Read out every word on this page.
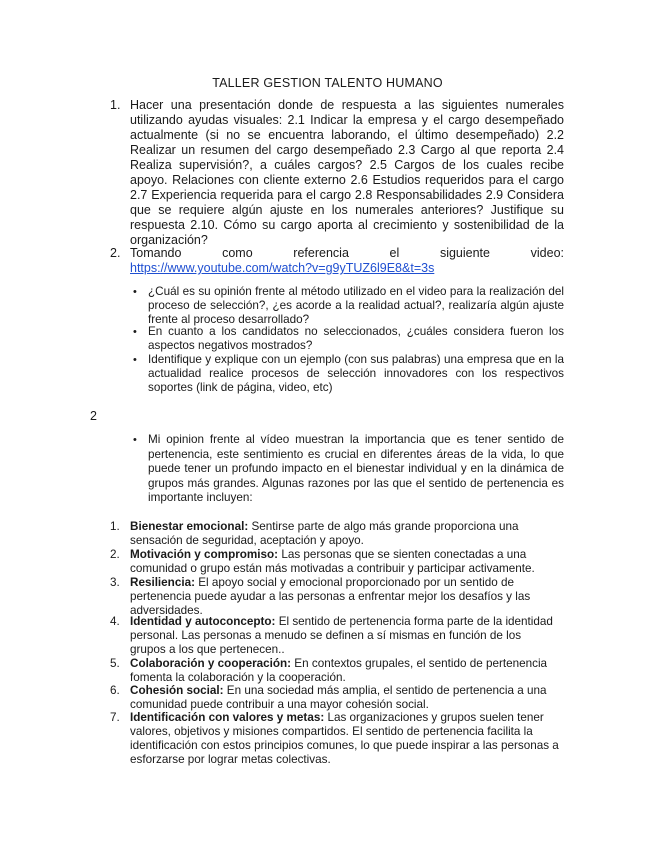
TALLER GESTION TALENTO HUMANO
1. Hacer una presentación donde de respuesta a las siguientes numerales utilizando ayudas visuales: 2.1 Indicar la empresa y el cargo desempeñado actualmente (si no se encuentra laborando, el último desempeñado) 2.2 Realizar un resumen del cargo desempeñado 2.3 Cargo al que reporta 2.4 Realiza supervisión?, a cuáles cargos? 2.5 Cargos de los cuales recibe apoyo. Relaciones con cliente externo 2.6 Estudios requeridos para el cargo 2.7 Experiencia requerida para el cargo 2.8 Responsabilidades 2.9 Considera que se requiere algún ajuste en los numerales anteriores? Justifique su respuesta 2.10. Cómo su cargo aporta al crecimiento y sostenibilidad de la organización?
2. Tomando como referencia el siguiente video:
https://www.youtube.com/watch?v=g9yTUZ6l9E8&t=3s
• ¿Cuál es su opinión frente al método utilizado en el video para la realización del proceso de selección?, ¿es acorde a la realidad actual?, realizaría algún ajuste frente al proceso desarrollado?
• En cuanto a los candidatos no seleccionados, ¿cuáles considera fueron los aspectos negativos mostrados?
• Identifique y explique con un ejemplo (con sus palabras) una empresa que en la actualidad realice procesos de selección innovadores con los respectivos soportes (link de página, video, etc)
2
• Mi opinion frente al vídeo muestran la importancia que es tener sentido de pertenencia, este sentimiento es crucial en diferentes áreas de la vida, lo que puede tener un profundo impacto en el bienestar individual y en la dinámica de grupos más grandes. Algunas razones por las que el sentido de pertenencia es importante incluyen:
1. Bienestar emocional: Sentirse parte de algo más grande proporciona una sensación de seguridad, aceptación y apoyo.
2. Motivación y compromiso: Las personas que se sienten conectadas a una comunidad o grupo están más motivadas a contribuir y participar activamente.
3. Resiliencia: El apoyo social y emocional proporcionado por un sentido de pertenencia puede ayudar a las personas a enfrentar mejor los desafíos y las adversidades.
4. Identidad y autoconcepto: El sentido de pertenencia forma parte de la identidad personal. Las personas a menudo se definen a sí mismas en función de los grupos a los que pertenecen..
5. Colaboración y cooperación: En contextos grupales, el sentido de pertenencia fomenta la colaboración y la cooperación.
6. Cohesión social: En una sociedad más amplia, el sentido de pertenencia a una comunidad puede contribuir a una mayor cohesión social.
7. Identificación con valores y metas: Las organizaciones y grupos suelen tener valores, objetivos y misiones compartidos. El sentido de pertenencia facilita la identificación con estos principios comunes, lo que puede inspirar a las personas a esforzarse por lograr metas colectivas.
